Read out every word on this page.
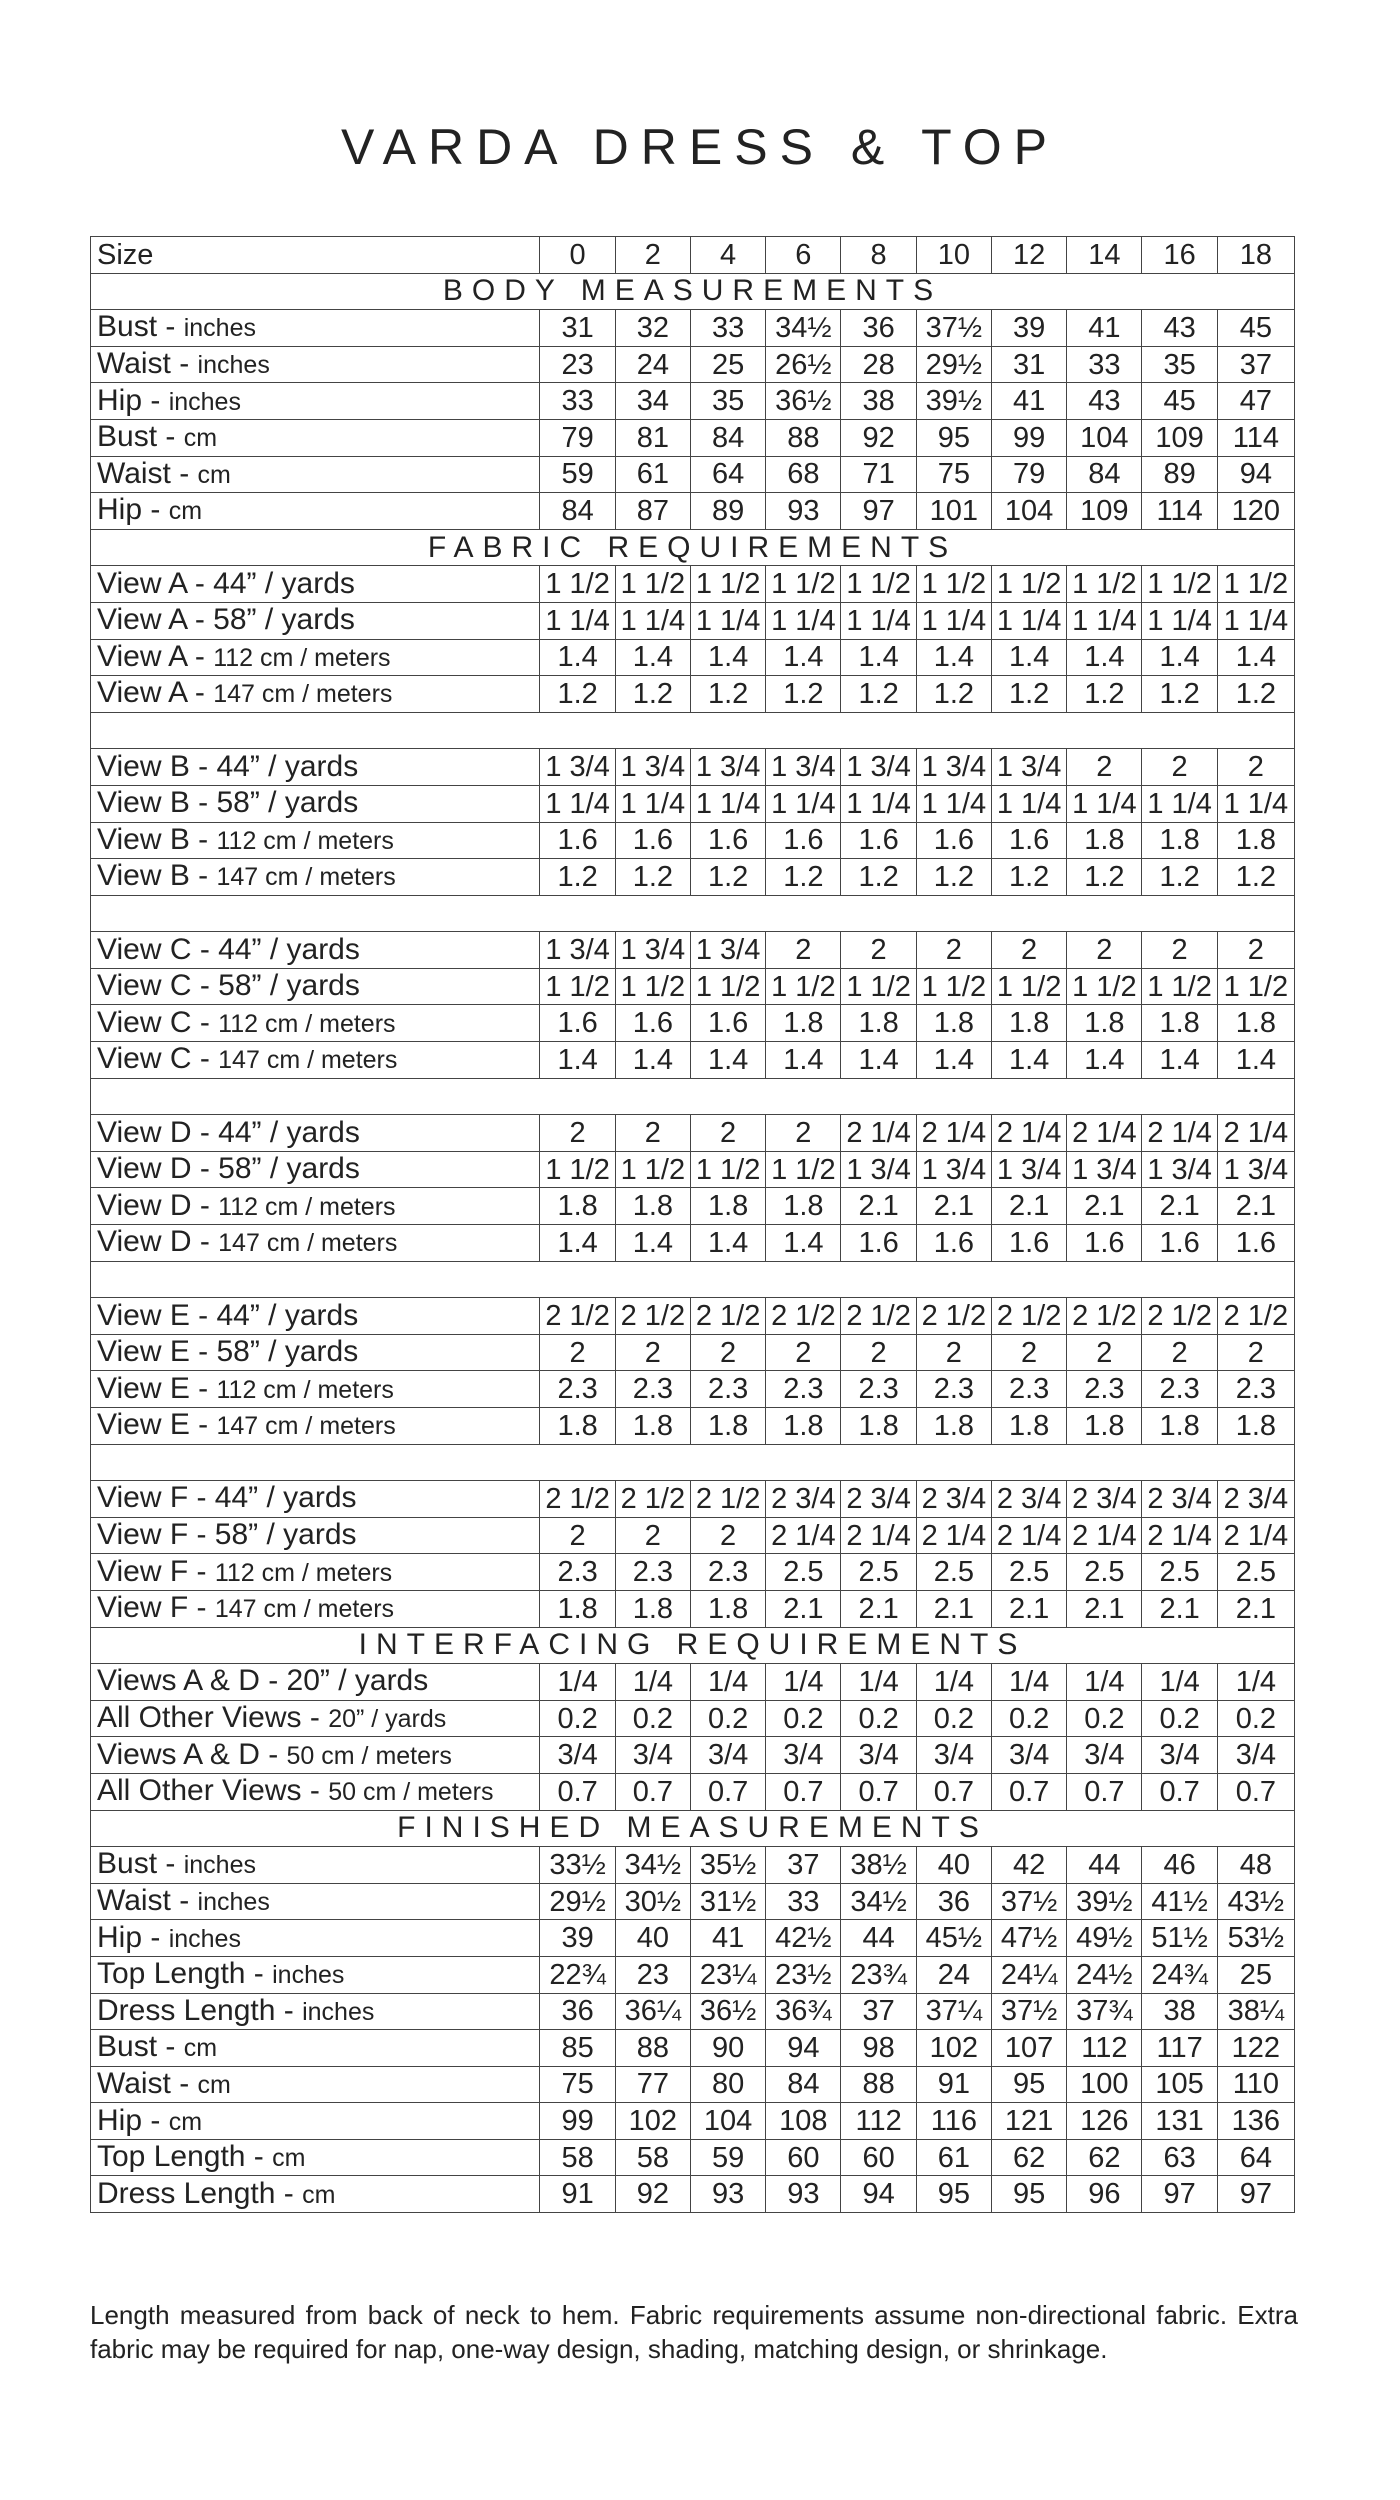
VARDA DRESS & TOP
Size	0	2	4	6	8	10	12	14	16	18
BODY MEASUREMENTS										
Bust - inches	31	32	33	34½	36	37½	39	41	43	45
Waist - inches	23	24	25	26½	28	29½	31	33	35	37
Hip - inches	33	34	35	36½	38	39½	41	43	45	47
Bust - cm	79	81	84	88	92	95	99	104	109	114
Waist - cm	59	61	64	68	71	75	79	84	89	94
Hip - cm	84	87	89	93	97	101	104	109	114	120
FABRIC REQUIREMENTS										
View A - 44” / yards	1 1/2	1 1/2	1 1/2	1 1/2	1 1/2	1 1/2	1 1/2	1 1/2	1 1/2	1 1/2
View A - 58” / yards	1 1/4	1 1/4	1 1/4	1 1/4	1 1/4	1 1/4	1 1/4	1 1/4	1 1/4	1 1/4
View A - 112 cm / meters	1.4	1.4	1.4	1.4	1.4	1.4	1.4	1.4	1.4	1.4
View A - 147 cm / meters	1.2	1.2	1.2	1.2	1.2	1.2	1.2	1.2	1.2	1.2

View B - 44” / yards	1 3/4	1 3/4	1 3/4	1 3/4	1 3/4	1 3/4	1 3/4	2	2	2
View B - 58” / yards	1 1/4	1 1/4	1 1/4	1 1/4	1 1/4	1 1/4	1 1/4	1 1/4	1 1/4	1 1/4
View B - 112 cm / meters	1.6	1.6	1.6	1.6	1.6	1.6	1.6	1.8	1.8	1.8
View B - 147 cm / meters	1.2	1.2	1.2	1.2	1.2	1.2	1.2	1.2	1.2	1.2

View C - 44” / yards	1 3/4	1 3/4	1 3/4	2	2	2	2	2	2	2
View C - 58” / yards	1 1/2	1 1/2	1 1/2	1 1/2	1 1/2	1 1/2	1 1/2	1 1/2	1 1/2	1 1/2
View C - 112 cm / meters	1.6	1.6	1.6	1.8	1.8	1.8	1.8	1.8	1.8	1.8
View C - 147 cm / meters	1.4	1.4	1.4	1.4	1.4	1.4	1.4	1.4	1.4	1.4

View D - 44” / yards	2	2	2	2	2 1/4	2 1/4	2 1/4	2 1/4	2 1/4	2 1/4
View D - 58” / yards	1 1/2	1 1/2	1 1/2	1 1/2	1 3/4	1 3/4	1 3/4	1 3/4	1 3/4	1 3/4
View D - 112 cm / meters	1.8	1.8	1.8	1.8	2.1	2.1	2.1	2.1	2.1	2.1
View D - 147 cm / meters	1.4	1.4	1.4	1.4	1.6	1.6	1.6	1.6	1.6	1.6

View E - 44” / yards	2 1/2	2 1/2	2 1/2	2 1/2	2 1/2	2 1/2	2 1/2	2 1/2	2 1/2	2 1/2
View E - 58” / yards	2	2	2	2	2	2	2	2	2	2
View E - 112 cm / meters	2.3	2.3	2.3	2.3	2.3	2.3	2.3	2.3	2.3	2.3
View E - 147 cm / meters	1.8	1.8	1.8	1.8	1.8	1.8	1.8	1.8	1.8	1.8

View F - 44” / yards	2 1/2	2 1/2	2 1/2	2 3/4	2 3/4	2 3/4	2 3/4	2 3/4	2 3/4	2 3/4
View F - 58” / yards	2	2	2	2 1/4	2 1/4	2 1/4	2 1/4	2 1/4	2 1/4	2 1/4
View F - 112 cm / meters	2.3	2.3	2.3	2.5	2.5	2.5	2.5	2.5	2.5	2.5
View F - 147 cm / meters	1.8	1.8	1.8	2.1	2.1	2.1	2.1	2.1	2.1	2.1
INTERFACING REQUIREMENTS										
Views A & D - 20” / yards	1/4	1/4	1/4	1/4	1/4	1/4	1/4	1/4	1/4	1/4
All Other Views - 20” / yards	0.2	0.2	0.2	0.2	0.2	0.2	0.2	0.2	0.2	0.2
Views A & D - 50 cm / meters	3/4	3/4	3/4	3/4	3/4	3/4	3/4	3/4	3/4	3/4
All Other Views - 50 cm / meters	0.7	0.7	0.7	0.7	0.7	0.7	0.7	0.7	0.7	0.7
FINISHED MEASUREMENTS										
Bust - inches	33½	34½	35½	37	38½	40	42	44	46	48
Waist - inches	29½	30½	31½	33	34½	36	37½	39½	41½	43½
Hip - inches	39	40	41	42½	44	45½	47½	49½	51½	53½
Top Length - inches	22¾	23	23¼	23½	23¾	24	24¼	24½	24¾	25
Dress Length - inches	36	36¼	36½	36¾	37	37¼	37½	37¾	38	38¼
Bust - cm	85	88	90	94	98	102	107	112	117	122
Waist - cm	75	77	80	84	88	91	95	100	105	110
Hip - cm	99	102	104	108	112	116	121	126	131	136
Top Length - cm	58	58	59	60	60	61	62	62	63	64
Dress Length - cm	91	92	93	93	94	95	95	96	97	97
Length measured from back of neck to hem. Fabric requirements assume non-directional fabric. Extra fabric may be required for nap, one-way design, shading, matching design, or shrinkage.
